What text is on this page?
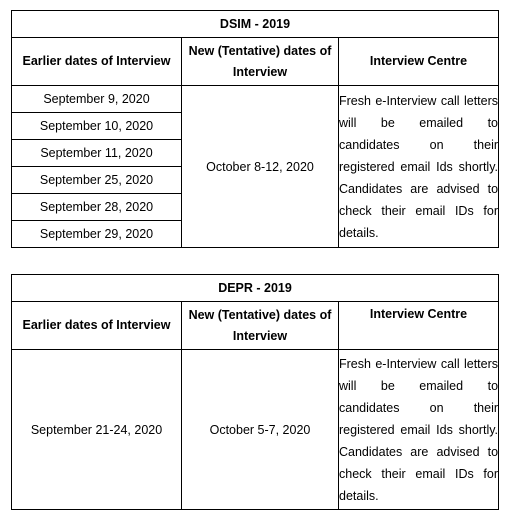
DSIM - 2019		
Earlier dates of Interview	New (Tentative) dates of Interview	Interview Centre
September 9, 2020	October 8-12, 2020	Fresh e-Interview call letters will be emailed to candidates on their registered email Ids shortly. Candidates are advised to check their email IDs for details.
September 10, 2020		
September 11, 2020		
September 25, 2020		
September 28, 2020		
September 29, 2020		
DEPR - 2019		
Earlier dates of Interview	New (Tentative) dates of Interview	Interview Centre
September 21-24, 2020	October 5-7, 2020	Fresh e-Interview call letters will be emailed to candidates on their registered email Ids shortly. Candidates are advised to check their email IDs for details.
